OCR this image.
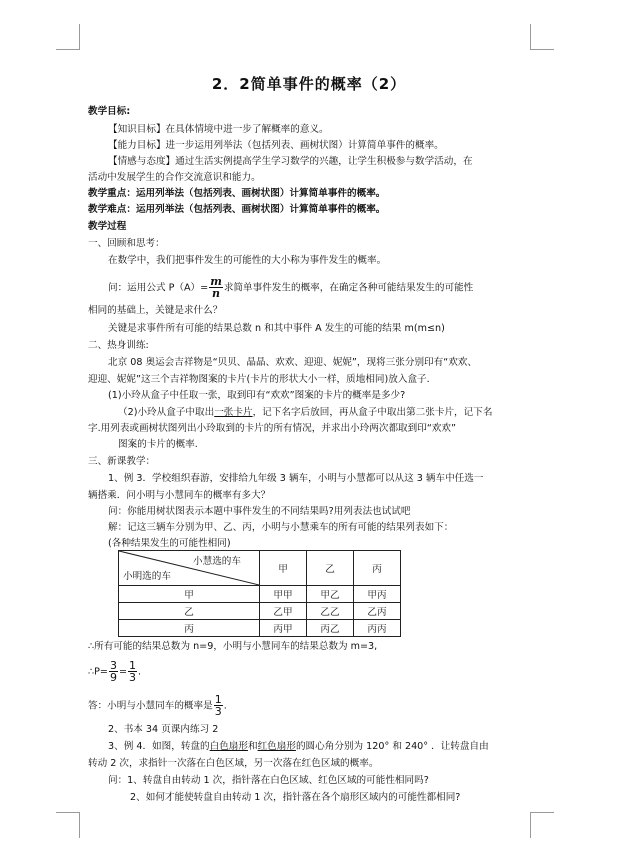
2．2简单事件的概率（2）
教学目标:
【知识目标】在具体情境中进一步了解概率的意义。
【能力目标】进一步运用列举法（包括列表、画树状图）计算简单事件的概率。
【情感与态度】通过生活实例提高学生学习数学的兴趣，让学生积极参与数学活动，在
活动中发展学生的合作交流意识和能力。
教学重点：运用列举法（包括列表、画树状图）计算简单事件的概率。
教学难点：运用列举法（包括列表、画树状图）计算简单事件的概率。
教学过程
一、回顾和思考：
在数学中，我们把事件发生的可能性的大小称为事件发生的概率。
问：运用公式 $P(A)= \frac{m}{n}$ 求简单事件发生的概率，在确定各种可能结果发生的可能性
相同的基础上，关键是求什么？
关键是求事件所有可能的结果总数 n 和其中事件 A 发生的可能的结果 m(m≤n)
二、热身训练:
北京 08 奥运会吉祥物是“贝贝、晶晶、欢欢、迎迎、妮妮”，现将三张分别印有“欢欢、
迎迎、妮妮”这三个吉祥物图案的卡片(卡片的形状大小一样，质地相同)放入盒子.
(1)小玲从盒子中任取一张，取到印有“欢欢”图案的卡片的概率是多少?
（2)小玲从盒子中取出一张卡片，记下名字后放回，再从盒子中取出第二张卡片，记下名
字.用列表或画树状图列出小玲取到的卡片的所有情况，并求出小玲两次都取到印“欢欢”
图案的卡片的概率.
三、新课教学：
1、例 3．学校组织春游，安排给九年级 3 辆车，小明与小慧都可以从这 3 辆车中任选一
辆搭乘．问小明与小慧同车的概率有多大？
问：你能用树状图表示本题中事件发生的不同结果吗?用列表法也试试吧
解：记这三辆车分别为甲、乙、丙，小明与小慧乘车的所有可能的结果列表如下：
(各种结果发生的可能性相同)
小慧选的车
小明选的车	甲	乙	丙
甲	甲甲	甲乙	甲丙
乙	乙甲	乙乙	乙丙
丙	丙甲	丙乙	丙丙
∴所有可能的结果总数为 n=9，小明与小慧同车的结果总数为 m=3,
∴P= $\frac{3}{9} = \frac{1}{3}$ .
答：小明与小慧同车的概率是 $\frac{1}{3}$ .
2、书本 34 页课内练习 2
3、例 4．如图，转盘的白色扇形和红色扇形的圆心角分别为 120° 和 240° ．让转盘自由
转动 2 次，求指针一次落在白色区域，另一次落在红色区域的概率。
问：1、转盘自由转动 1 次，指针落在白色区域、红色区域的可能性相同吗?
2、如何才能使转盘自由转动 1 次，指针落在各个扇形区域内的可能性都相同?
